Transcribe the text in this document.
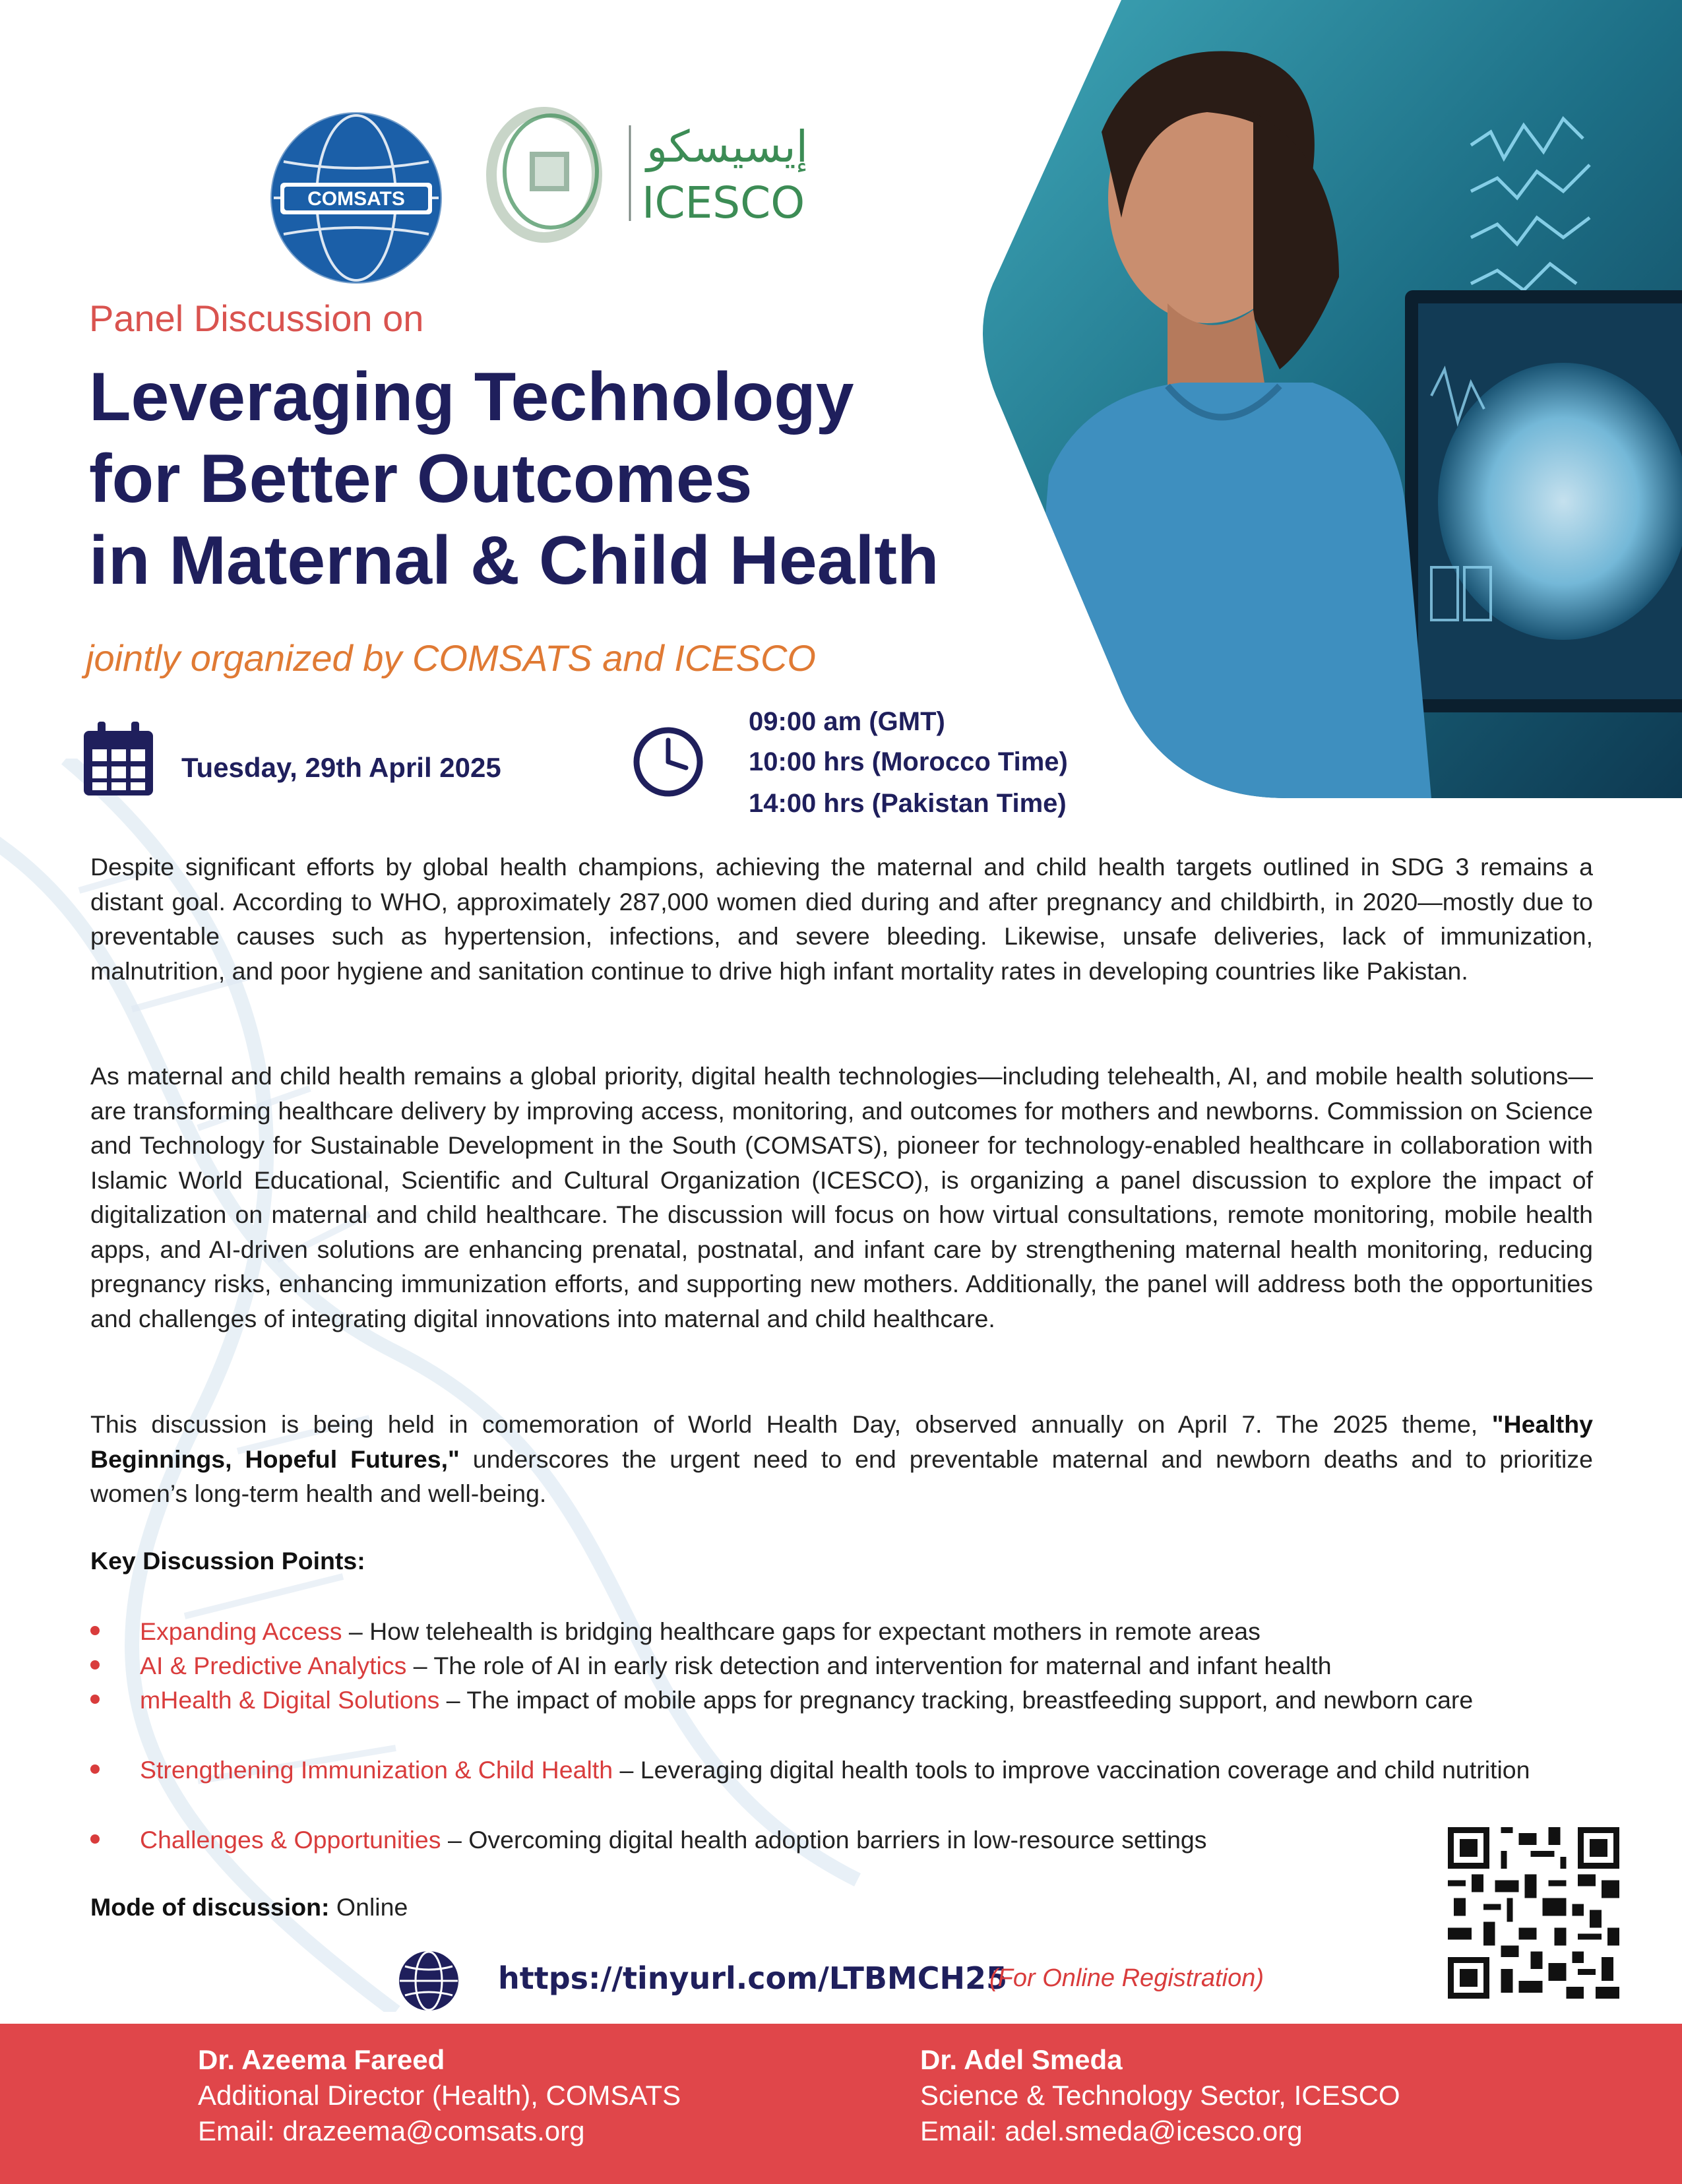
COMSATS
إيسيسكو
ICESCO
Panel Discussion on
Leveraging Technology
for Better Outcomes
in Maternal & Child Health
jointly organized by COMSATS and ICESCO
Tuesday, 29th April 2025
09:00 am (GMT)
10:00 hrs (Morocco Time)
14:00 hrs (Pakistan Time)
Despite significant efforts by global health champions, achieving the maternal and child health targets outlined in SDG 3 remains a distant goal. According to WHO, approximately 287,000 women died during and after pregnancy and childbirth, in 2020—mostly due to preventable causes such as hypertension, infections, and severe bleeding. Likewise, unsafe deliveries, lack of immunization, malnutrition, and poor hygiene and sanitation continue to drive high infant mortality rates in developing countries like Pakistan.
As maternal and child health remains a global priority, digital health technologies—including telehealth, AI, and mobile health solutions—are transforming healthcare delivery by improving access, monitoring, and outcomes for mothers and newborns. Commission on Science and Technology for Sustainable Development in the South (COMSATS), pioneer for technology-enabled healthcare in collaboration with Islamic World Educational, Scientific and Cultural Organization (ICESCO), is organizing a panel discussion to explore the impact of digitalization on maternal and child healthcare. The discussion will focus on how virtual consultations, remote monitoring, mobile health apps, and AI-driven solutions are enhancing prenatal, postnatal, and infant care by strengthening maternal health monitoring, reducing pregnancy risks, enhancing immunization efforts, and supporting new mothers. Additionally, the panel will address both the opportunities and challenges of integrating digital innovations into maternal and child healthcare.
This discussion is being held in comemoration of World Health Day, observed annually on April 7. The 2025 theme, "Healthy Beginnings, Hopeful Futures," underscores the urgent need to end preventable maternal and newborn deaths and to prioritize women’s long-term health and well-being.
Key Discussion Points:
Expanding Access – How telehealth is bridging healthcare gaps for expectant mothers in remote areas
AI & Predictive Analytics – The role of AI in early risk detection and intervention for maternal and infant health
mHealth & Digital Solutions – The impact of mobile apps for pregnancy tracking, breastfeeding support, and newborn care
Strengthening Immunization & Child Health – Leveraging digital health tools to improve vaccination coverage and child nutrition
Challenges & Opportunities – Overcoming digital health adoption barriers in low-resource settings
Mode of discussion: Online
https://tinyurl.com/LTBMCH25
(For Online Registration)
Dr. Azeema Fareed
Additional Director (Health), COMSATS
Email: drazeema@comsats.org
Dr. Adel Smeda
Science & Technology Sector, ICESCO
Email: adel.smeda@icesco.org
